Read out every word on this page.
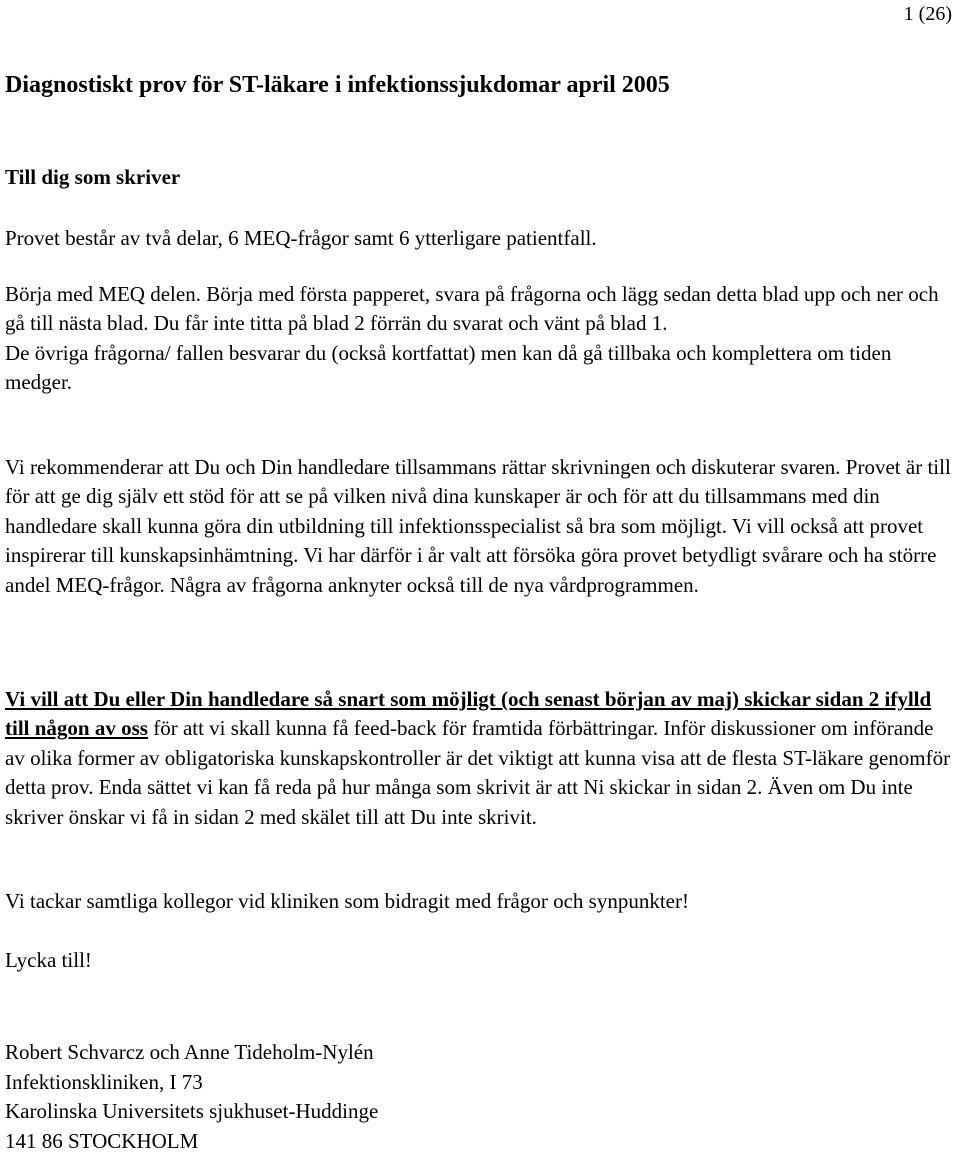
1 (26)
Diagnostiskt prov för ST-läkare i infektionssjukdomar april 2005
Till dig som skriver

Provet består av två delar, 6 MEQ-frågor samt 6 ytterligare patientfall.

Börja med MEQ delen. Börja med första papperet, svara på frågorna och lägg sedan detta blad upp och ner och gå till nästa blad. Du får inte titta på blad 2 förrän du svarat och vänt på blad 1.
De övriga frågorna/ fallen besvarar du (också kortfattat) men kan då gå tillbaka och komplettera om tiden medger.

Vi rekommenderar att Du och Din handledare tillsammans rättar skrivningen och diskuterar svaren. Provet är till för att ge dig själv ett stöd för att se på vilken nivå dina kunskaper är och för att du tillsammans med din handledare skall kunna göra din utbildning till infektionsspecialist så bra som möjligt. Vi vill också att provet inspirerar till kunskapsinhämtning. Vi har därför i år valt att försöka göra provet betydligt svårare och ha större andel MEQ-frågor. Några av frågorna anknyter också till de nya vårdprogrammen.

Vi vill att Du eller Din handledare så snart som möjligt (och senast början av maj) skickar sidan 2 ifylld till någon av oss för att vi skall kunna få feed-back för framtida förbättringar. Inför diskussioner om införande av olika former av obligatoriska kunskapskontroller är det viktigt att kunna visa att de flesta ST-läkare genomför detta prov. Enda sättet vi kan få reda på hur många som skrivit är att Ni skickar in sidan 2. Även om Du inte skriver önskar vi få in sidan 2 med skälet till att Du inte skrivit.

Vi tackar samtliga kollegor vid kliniken som bidragit med frågor och synpunkter!

Lycka till!

Robert Schvarcz och Anne Tideholm-Nylén
Infektionskliniken, I 73
Karolinska Universitets sjukhuset-Huddinge
141 86 STOCKHOLM
